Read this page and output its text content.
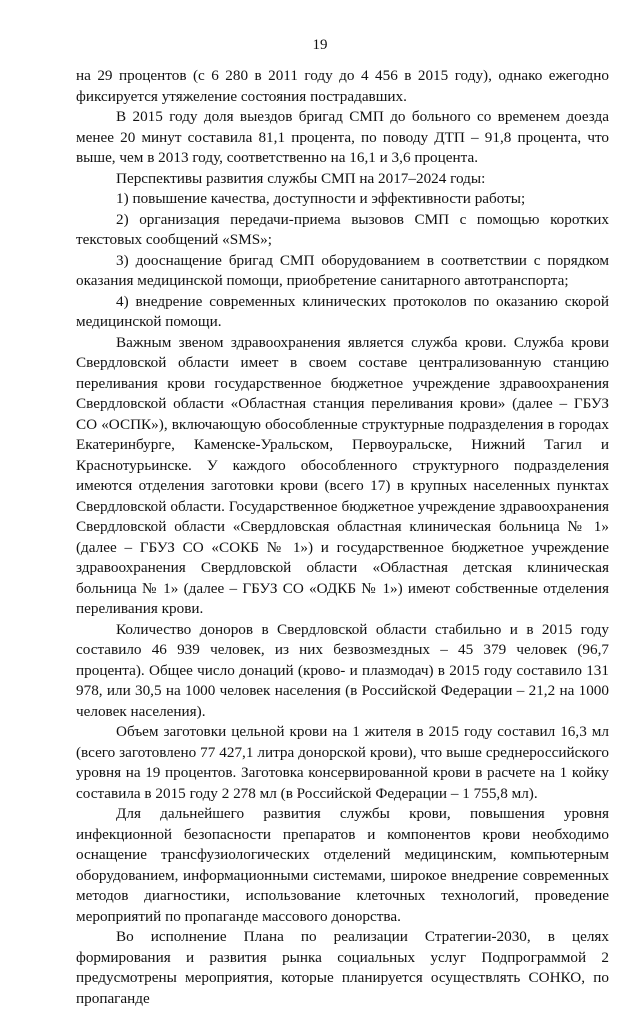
19

на 29 процентов (с 6 280 в 2011 году до 4 456 в 2015 году), однако ежегодно фиксируется утяжеление состояния пострадавших.

В 2015 году доля выездов бригад СМП до больного со временем доезда менее 20 минут составила 81,1 процента, по поводу ДТП – 91,8 процента, что выше, чем в 2013 году, соответственно на 16,1 и 3,6 процента.

Перспективы развития службы СМП на 2017–2024 годы:

1) повышение качества, доступности и эффективности работы;

2) организация передачи-приема вызовов СМП с помощью коротких текстовых сообщений «SMS»;

3) дооснащение бригад СМП оборудованием в соответствии с порядком оказания медицинской помощи, приобретение санитарного автотранспорта;

4) внедрение современных клинических протоколов по оказанию скорой медицинской помощи.

Важным звеном здравоохранения является служба крови. Служба крови Свердловской области имеет в своем составе централизованную станцию переливания крови государственное бюджетное учреждение здравоохранения Свердловской области «Областная станция переливания крови» (далее – ГБУЗ СО «ОСПК»), включающую обособленные структурные подразделения в городах Екатеринбурге, Каменске-Уральском, Первоуральске, Нижний Тагил и Краснотурьинске. У каждого обособленного структурного подразделения имеются отделения заготовки крови (всего 17) в крупных населенных пунктах Свердловской области. Государственное бюджетное учреждение здравоохранения Свердловской области «Свердловская областная клиническая больница № 1» (далее – ГБУЗ СО «СОКБ № 1») и государственное бюджетное учреждение здравоохранения Свердловской области «Областная детская клиническая больница № 1» (далее – ГБУЗ СО «ОДКБ № 1») имеют собственные отделения переливания крови.

Количество доноров в Свердловской области стабильно и в 2015 году составило 46 939 человек, из них безвозмездных – 45 379 человек (96,7 процента). Общее число донаций (кровo- и плазмодач) в 2015 году составило 131 978, или 30,5 на 1000 человек населения (в Российской Федерации – 21,2 на 1000 человек населения).

Объем заготовки цельной крови на 1 жителя в 2015 году составил 16,3 мл (всего заготовлено 77 427,1 литра донорской крови), что выше среднероссийского уровня на 19 процентов. Заготовка консервированной крови в расчете на 1 койку составила в 2015 году 2 278 мл (в Российской Федерации – 1 755,8 мл).

Для дальнейшего развития службы крови, повышения уровня инфекционной безопасности препаратов и компонентов крови необходимо оснащение трансфузиологических отделений медицинским, компьютерным оборудованием, информационными системами, широкое внедрение современных методов диагностики, использование клеточных технологий, проведение мероприятий по пропаганде массового донорства.

Во исполнение Плана по реализации Стратегии-2030, в целях формирования и развития рынка социальных услуг Подпрограммой 2 предусмотрены мероприятия, которые планируется осуществлять СОНКО, по пропаганде
